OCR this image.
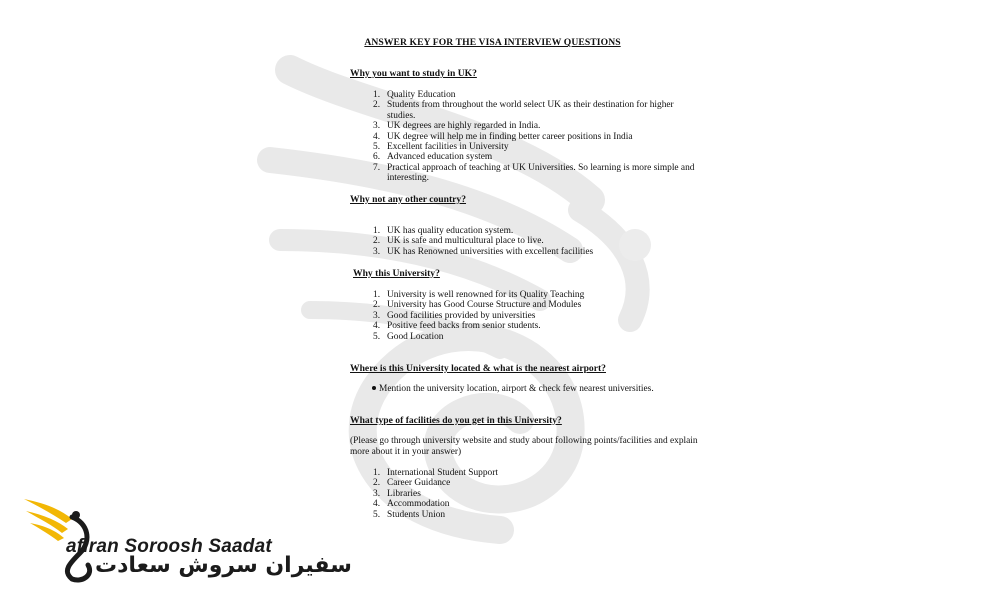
ANSWER KEY FOR THE VISA INTERVIEW QUESTIONS
Why you want to study in UK?
1. Quality Education
2. Students from throughout the world select UK as their destination for higher studies.
3. UK degrees are highly regarded in India.
4. UK degree will help me in finding better career positions in India
5. Excellent facilities in University
6. Advanced education system
7. Practical approach of teaching at UK Universities. So learning is more simple and interesting.
Why not any other country?
1. UK has quality education system.
2. UK is safe and multicultural place to live.
3. UK has Renowned universities with excellent facilities
Why this University?
1. University is well renowned for its Quality Teaching
2. University has Good Course Structure and Modules
3. Good facilities provided by universities
4. Positive feed backs from senior students.
5. Good Location
Where is this University located & what is the nearest airport?
Mention the university location, airport & check few nearest universities.
What type of facilities do you get in this University?
(Please go through university website and study about following points/facilities and explain more about it in your answer)
1. International Student Support
2. Career Guidance
3. Libraries
4. Accommodation
5. Students Union
afiran Soroosh Saadat
سفیران سروش سعادت
